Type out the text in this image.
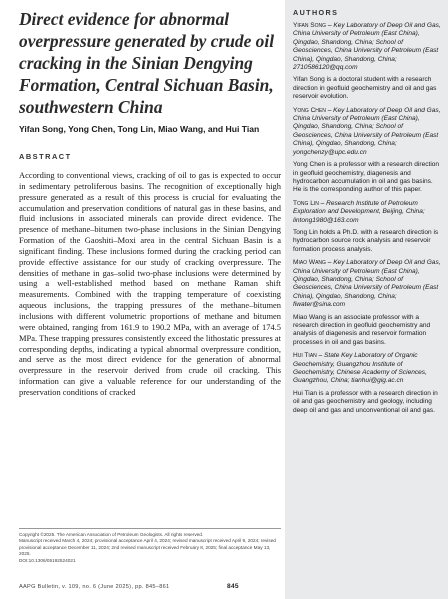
Direct evidence for abnormal overpressure generated by crude oil cracking in the Sinian Dengying Formation, Central Sichuan Basin, southwestern China
Yifan Song, Yong Chen, Tong Lin, Miao Wang, and Hui Tian
ABSTRACT
According to conventional views, cracking of oil to gas is expected to occur in sedimentary petroliferous basins. The recognition of exceptionally high pressure generated as a result of this process is crucial for evaluating the accumulation and preservation conditions of natural gas in these basins, and fluid inclusions in associated minerals can provide direct evidence. The presence of methane–bitumen two-phase inclusions in the Sinian Dengying Formation of the Gaoshiti–Moxi area in the central Sichuan Basin is a significant finding. These inclusions formed during the cracking period can provide effective assistance for our study of cracking overpressure. The densities of methane in gas–solid two-phase inclusions were determined by using a well-established method based on methane Raman shift measurements. Combined with the trapping temperature of coexisting aqueous inclusions, the trapping pressures of the methane–bitumen inclusions with different volumetric proportions of methane and bitumen were obtained, ranging from 161.9 to 190.2 MPa, with an average of 174.5 MPa. These trapping pressures consistently exceed the lithostatic pressures at corresponding depths, indicating a typical abnormal overpressure condition, and serve as the most direct evidence for the generation of abnormal overpressure in the reservoir derived from crude oil cracking. This information can give a valuable reference for our understanding of the preservation conditions of cracked
Copyright ©2025. The American Association of Petroleum Geologists. All rights reserved.
Manuscript received March 4, 2024; provisional acceptance April 4, 2024; revised manuscript received April 9, 2024; revised provisional acceptance December 11, 2024; 2nd revised manuscript received February 8, 2025; final acceptance May 13, 2025.
DOI:10.1306/05192524021
AAPG Bulletin, v. 109, no. 6 (June 2025), pp. 845–861	845
AUTHORS
Yifan Song – Key Laboratory of Deep Oil and Gas, China University of Petroleum (East China), Qingdao, Shandong, China; School of Geosciences, China University of Petroleum (East China), Qingdao, Shandong, China; 2710586120@qq.com
Yifan Song is a doctoral student with a research direction in geofluid geochemistry and oil and gas reservoir evolution.
Yong Chen – Key Laboratory of Deep Oil and Gas, China University of Petroleum (East China), Qingdao, Shandong, China; School of Geosciences, China University of Petroleum (East China), Qingdao, Shandong, China; yongchenzy@upc.edu.cn
Yong Chen is a professor with a research direction in geofluid geochemistry, diagenesis and hydrocarbon accumulation in oil and gas basins. He is the corresponding author of this paper.
Tong Lin – Research Institute of Petroleum Exploration and Development, Beijing, China; lintong1980@163.com
Tong Lin holds a Ph.D. with a research direction is hydrocarbon source rock analysis and reservoir formation process analysis.
Miao Wang – Key Laboratory of Deep Oil and Gas, China University of Petroleum (East China), Qingdao, Shandong, China; School of Geosciences, China University of Petroleum (East China), Qingdao, Shandong, China; fiwater@sina.com
Miao Wang is an associate professor with a research direction in geofluid geochemistry and analysis of diagenesis and reservoir formation processes in oil and gas basins.
Hui Tian – State Key Laboratory of Organic Geochemistry, Guangzhou Institute of Geochemistry, Chinese Academy of Sciences, Guangzhou, China; tianhui@gig.ac.cn
Hui Tian is a professor with a research direction in oil and gas geochemistry and geology, including deep oil and gas and unconventional oil and gas.
